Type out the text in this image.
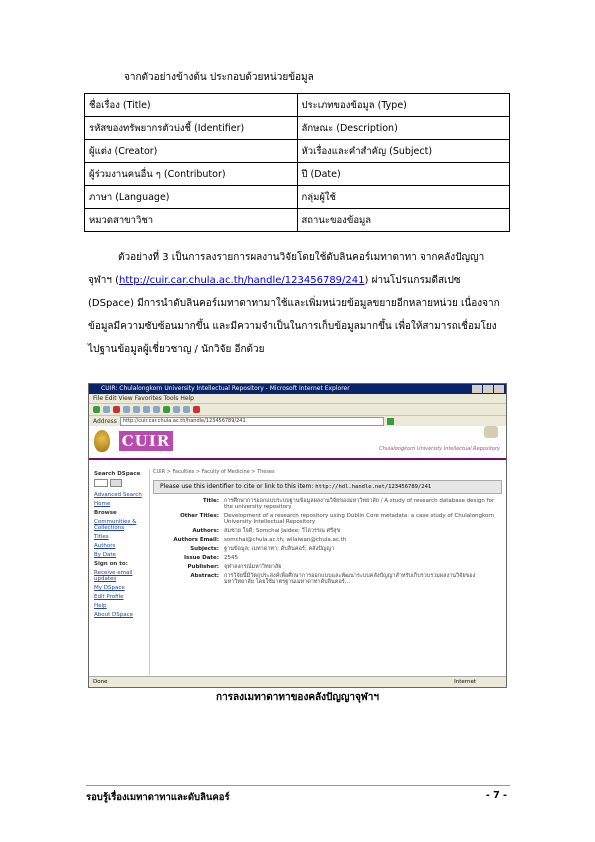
จากตัวอย่างข้างต้น ประกอบด้วยหน่วยข้อมูล
ชื่อเรื่อง (Title)	ประเภทของข้อมูล (Type)
รหัสของทรัพยากรตัวบ่งชี้ (Identifier)	ลักษณะ (Description)
ผู้แต่ง (Creator)	หัวเรื่องและคำสำคัญ (Subject)
ผู้ร่วมงานคนอื่น ๆ (Contributor)	ปี (Date)
ภาษา (Language)	กลุ่มผู้ใช้
หมวดสาขาวิชา	สถานะของข้อมูล
ตัวอย่างที่ 3 เป็นการลงรายการผลงานวิจัยโดยใช้ดับลินคอร์เมทาดาทา จากคลังปัญญาจุฬาฯ (http://cuir.car.chula.ac.th/handle/123456789/241) ผ่านโปรแกรมดีสเปซ (DSpace) มีการนำดับลินคอร์เมทาดาทามาใช้และเพิ่มหน่วยข้อมูลขยายอีกหลายหน่วย เนื่องจากข้อมูลมีความซับซ้อนมากขึ้น และมีความจำเป็นในการเก็บข้อมูลมากขึ้น เพื่อให้สามารถเชื่อมโยงไปฐานข้อมูลผู้เชี่ยวชาญ / นักวิจัย อีกด้วย
CUIR: Chulalongkorn University Intellectual Repository - Microsoft Internet Explorer
File Edit View Favorites Tools Help
Address	http://cuir.car.chula.ac.th/handle/123456789/241
CUIR	Chulalongkorn University Intellectual Repository
Search DSpace
Advanced Search
Home
Browse
Communities & Collections
Titles
Authors
By Date
Sign on to:
Receive email updates
My DSpace
Edit Profile
Help
About DSpace
CUIR > Faculties > Faculty of Medicine > Theses
Please use this identifier to cite or link to this item: http://hdl.handle.net/123456789/241
Title: การศึกษาการออกแบบระบบฐานข้อมูลผลงานวิจัยของมหาวิทยาลัย / A study of research database design for the university repository
Other Titles: Development of a research repository using Dublin Core metadata: a case study of Chulalongkorn University Intellectual Repository
Authors: สมชาย ใจดี; Somchai Jaidee; วิไลวรรณ ศรีสุข
Authors Email: somchai@chula.ac.th; wilaiwan@chula.ac.th
Subjects: ฐานข้อมูล; เมทาดาทา; ดับลินคอร์; คลังปัญญา
Issue Date: 2545
Publisher: จุฬาลงกรณ์มหาวิทยาลัย
Abstract: การวิจัยนี้มีวัตถุประสงค์เพื่อศึกษาการออกแบบและพัฒนาระบบคลังปัญญาสำหรับเก็บรวบรวมผลงานวิจัยของมหาวิทยาลัย โดยใช้มาตรฐานเมทาดาทาดับลินคอร์...
Done	Internet
การลงเมทาดาทาของคลังปัญญาจุฬาฯ
รอบรู้เรื่องเมทาดาทาและดับลินคอร์	- 7 -
